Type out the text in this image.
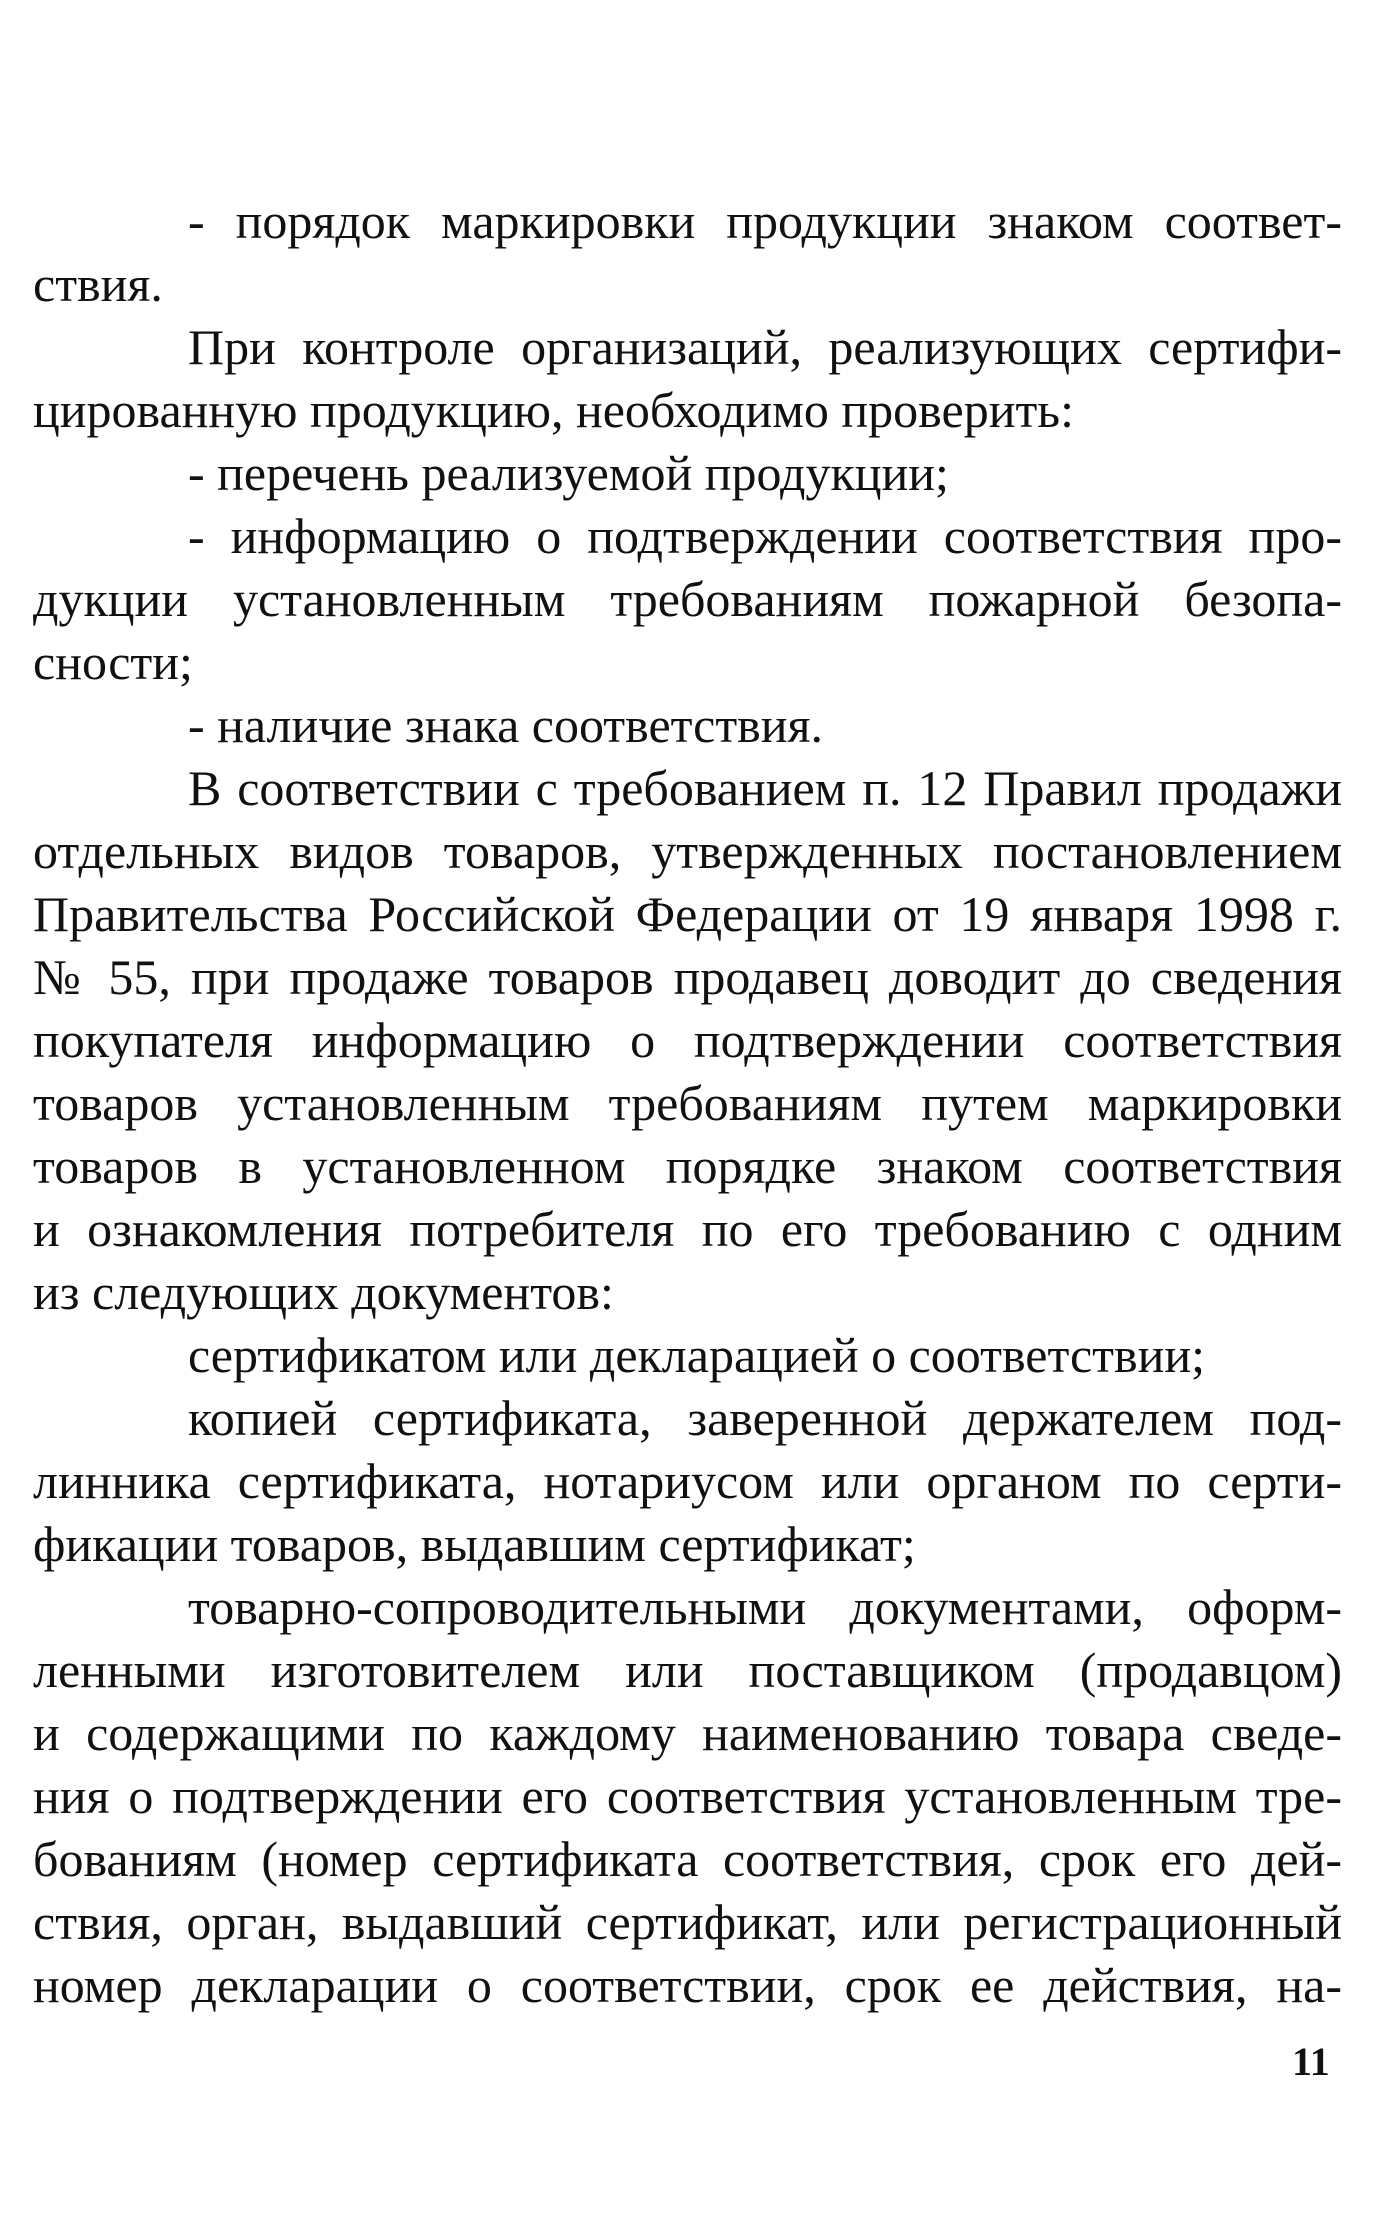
- порядок маркировки продукции знаком соответ-
ствия.
При контроле организаций, реализующих сертифи-
цированную продукцию, необходимо проверить:
- перечень реализуемой продукции;
- информацию о подтверждении соответствия про-
дукции установленным требованиям пожарной безопа-
сности;
- наличие знака соответствия.
В соответствии с требованием п. 12 Правил продажи
отдельных видов товаров, утвержденных постановлением
Правительства Российской Федерации от 19 января 1998 г.
№ 55, при продаже товаров продавец доводит до сведения
покупателя информацию о подтверждении соответствия
товаров установленным требованиям путем маркировки
товаров в установленном порядке знаком соответствия
и ознакомления потребителя по его требованию с одним
из следующих документов:
сертификатом или декларацией о соответствии;
копией сертификата, заверенной держателем под-
линника сертификата, нотариусом или органом по серти-
фикации товаров, выдавшим сертификат;
товарно-сопроводительными документами, оформ-
ленными изготовителем или поставщиком (продавцом)
и содержащими по каждому наименованию товара сведе-
ния о подтверждении его соответствия установленным тре-
бованиям (номер сертификата соответствия, срок его дей-
ствия, орган, выдавший сертификат, или регистрационный
номер декларации о соответствии, срок ее действия, на-
11
